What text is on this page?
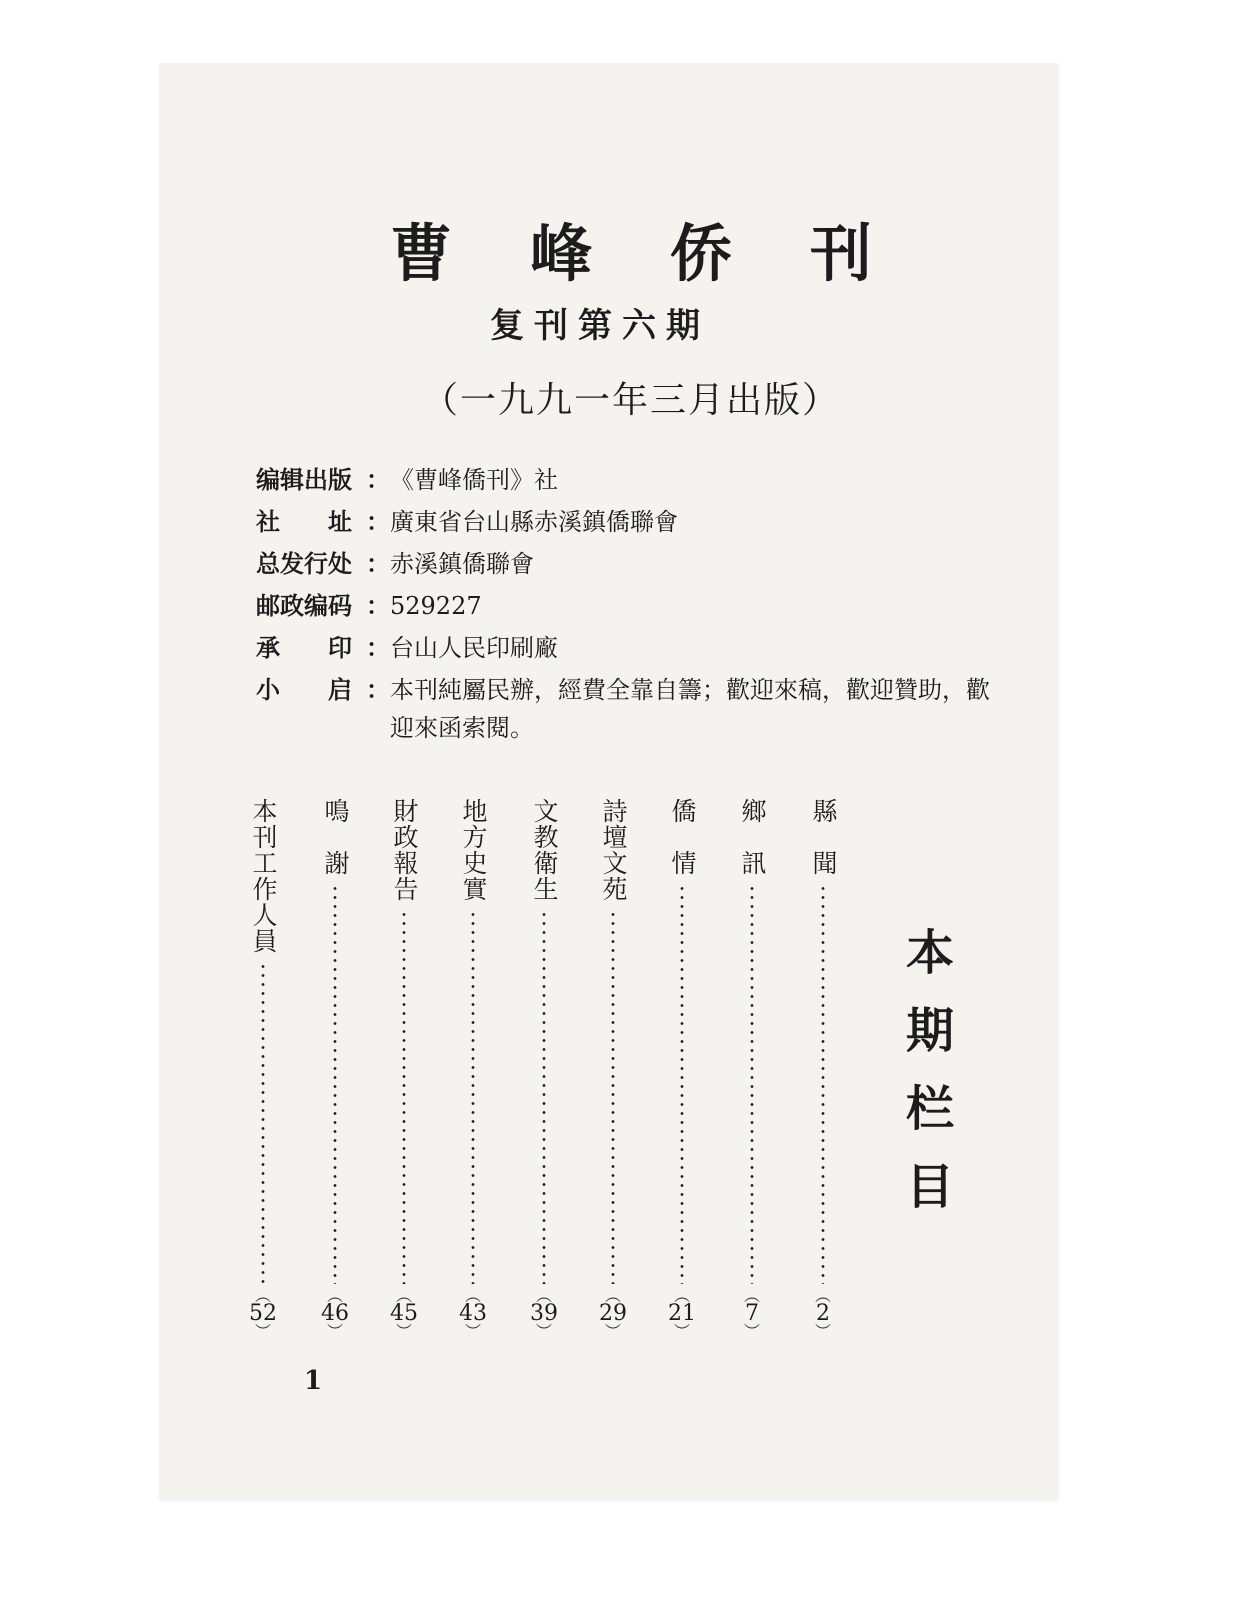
曹 峰 侨 刊
复刊第六期
（一九九一年三月出版）
编辑出版 ： 《曹峰僑刊》社
社　　址 ： 廣東省台山縣赤溪鎮僑聯會
总发行处 ： 赤溪鎮僑聯會
邮政编码 ： 529227
承　　印 ： 台山人民印刷廠
小　　启 ： 本刊純屬民辦，經費全靠自籌；歡迎來稿，歡迎贊助，歡迎來函索閱。
本期栏目
縣　聞
︵
2
︶
鄉　訊
︵
7
︶
僑　情
︵
21
︶
詩壇文苑
︵
29
︶
文教衛生
︵
39
︶
地方史實
︵
43
︶
財政報告
︵
45
︶
鳴　謝
︵
46
︶
本刊工作人員
︵
52
︶
1
